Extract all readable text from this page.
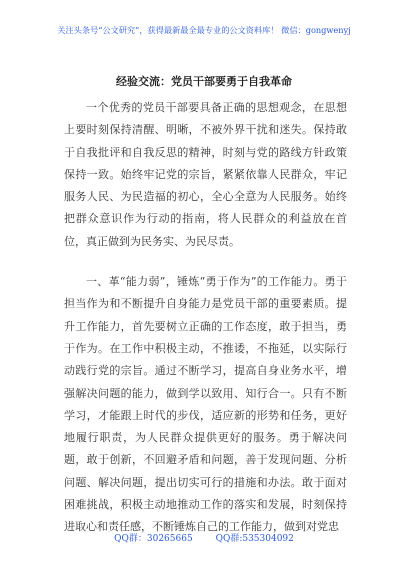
关注头条号“公文研究”，获得最新最全最专业的公文资料库！ 微信：gongwenyj
经验交流：党员干部要勇于自我革命

一个优秀的党员干部要具备正确的思想观念，在思想上要时刻保持清醒、明晰，不被外界干扰和迷失。保持敢于自我批评和自我反思的精神，时刻与党的路线方针政策保持一致。始终牢记党的宗旨，紧紧依靠人民群众，牢记服务人民、为民造福的初心，全心全意为人民服务。始终把群众意识作为行动的指南，将人民群众的利益放在首位，真正做到为民务实、为民尽责。

一、革“能力弱”，锤炼“勇于作为”的工作能力。勇于担当作为和不断提升自身能力是党员干部的重要素质。提升工作能力，首先要树立正确的工作态度，敢于担当，勇于作为。在工作中积极主动，不推诿，不拖延，以实际行动践行党的宗旨。通过不断学习，提高自身业务水平，增强解决问题的能力，做到学以致用、知行合一。只有不断学习，才能跟上时代的步伐，适应新的形势和任务，更好地履行职责，为人民群众提供更好的服务。勇于解决问题，敢于创新，不回避矛盾和问题，善于发现问题、分析问题、解决问题，提出切实可行的措施和办法。敢于面对困难挑战，积极主动地推动工作的落实和发展，时刻保持进取心和责任感，不断锤炼自己的工作能力，做到对党忠

QQ群：30265665	QQ群:535304092
